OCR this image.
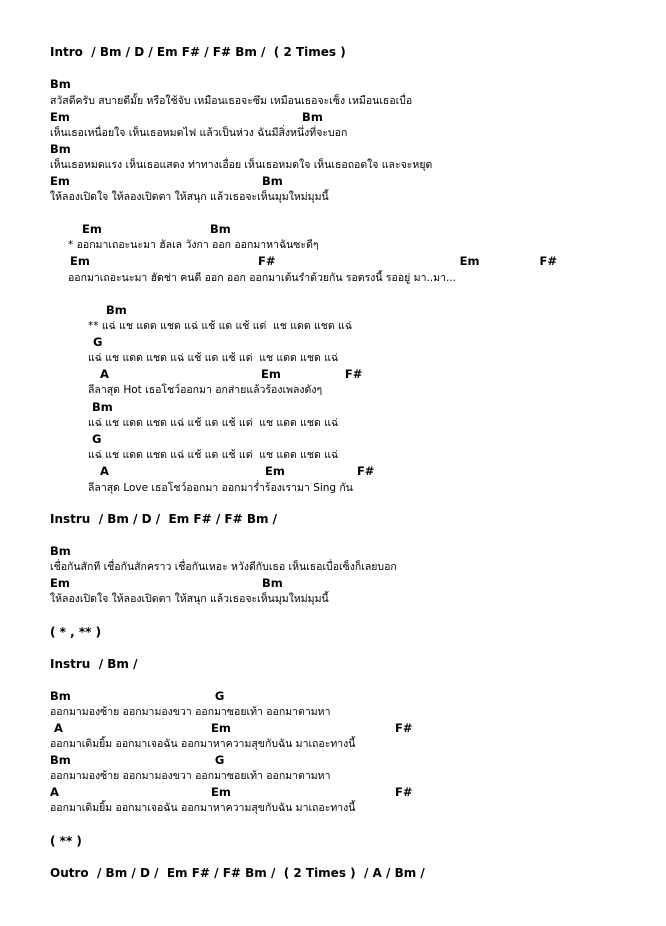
Intro  / Bm / D / Em F# / F# Bm /  ( 2 Times )
Bm
สวัสดีครับ สบายดีมั้ย หรือใช้จับ เหมือนเธอจะซึม เหมือนเธอจะเซ็ง เหมือนเธอเบื่อ
Em                                                          Bm
เห็นเธอเหนื่อยใจ เห็นเธอหมดไฟ แล้วเป็นห่วง ฉันมีสิ่งหนึ่งที่จะบอก
Bm
เห็นเธอหมดแรง เห็นเธอแสดง ท่าทางเอื่อย เห็นเธอหมดใจ เห็นเธอถอดใจ และจะหยุด
Em                                                Bm
ให้ลองเปิดใจ ให้ลองเปิดตา ให้สนุก แล้วเธอจะเห็นมุมใหม่มุมนี้
Em                           Bm
* ออกมาเถอะนะมา ฮัลเล วังกา ออก ออกมาหาฉันซะดีๆ
Em                                          F#                                              Em               F#
ออกมาเถอะนะมา ฮัดช่า คนดี ออก ออก ออกมาเต้นรำด้วยกัน รอตรงนี้ รออยู่ มา..มา...
Bm
** แฉ่ แช แดด แชด แฉ่ แช้ แด แช้ แด่  แช แดด แชด แฉ่
G
แฉ่ แช แดด แชด แฉ่ แช้ แด แช้ แด่  แช แดด แชด แฉ่
A                                      Em                F#
ลีลาสุด Hot เธอโชว์ออกมา อกส่ายแล้วร้องเพลงดังๆ
Bm
แฉ่ แช แดด แชด แฉ่ แช้ แด แช้ แด่  แช แดด แชด แฉ่
G
แฉ่ แช แดด แชด แฉ่ แช้ แด แช้ แด่  แช แดด แชด แฉ่
A                                       Em                  F#
ลีลาสุด Love เธอโชว์ออกมา ออกมาร่ำร้องเรามา Sing กัน
Instru  / Bm / D /  Em F# / F# Bm /
Bm
เชื่อกันสักที เชื่อกันสักคราว เชื่อกันเหอะ หวังดีกับเธอ เห็นเธอเบื่อเซ็งก็เลยบอก
Em                                                Bm
ให้ลองเปิดใจ ให้ลองเปิดตา ให้สนุก แล้วเธอจะเห็นมุมใหม่มุมนี้
( * , ** )
Instru  / Bm /
Bm                                    G
ออกมามองซ้าย ออกมามองขวา ออกมาซอยเท้า ออกมาตามหา
A                                     Em                                         F#
ออกมาเดิมยิ้ม ออกมาเจอฉัน ออกมาหาความสุขกับฉัน มาเถอะทางนี้
Bm                                    G
ออกมามองซ้าย ออกมามองขวา ออกมาซอยเท้า ออกมาตามหา
A                                      Em                                         F#
ออกมาเดิมยิ้ม ออกมาเจอฉัน ออกมาหาความสุขกับฉัน มาเถอะทางนี้
( ** )
Outro  / Bm / D /  Em F# / F# Bm /  ( 2 Times )  / A / Bm /
